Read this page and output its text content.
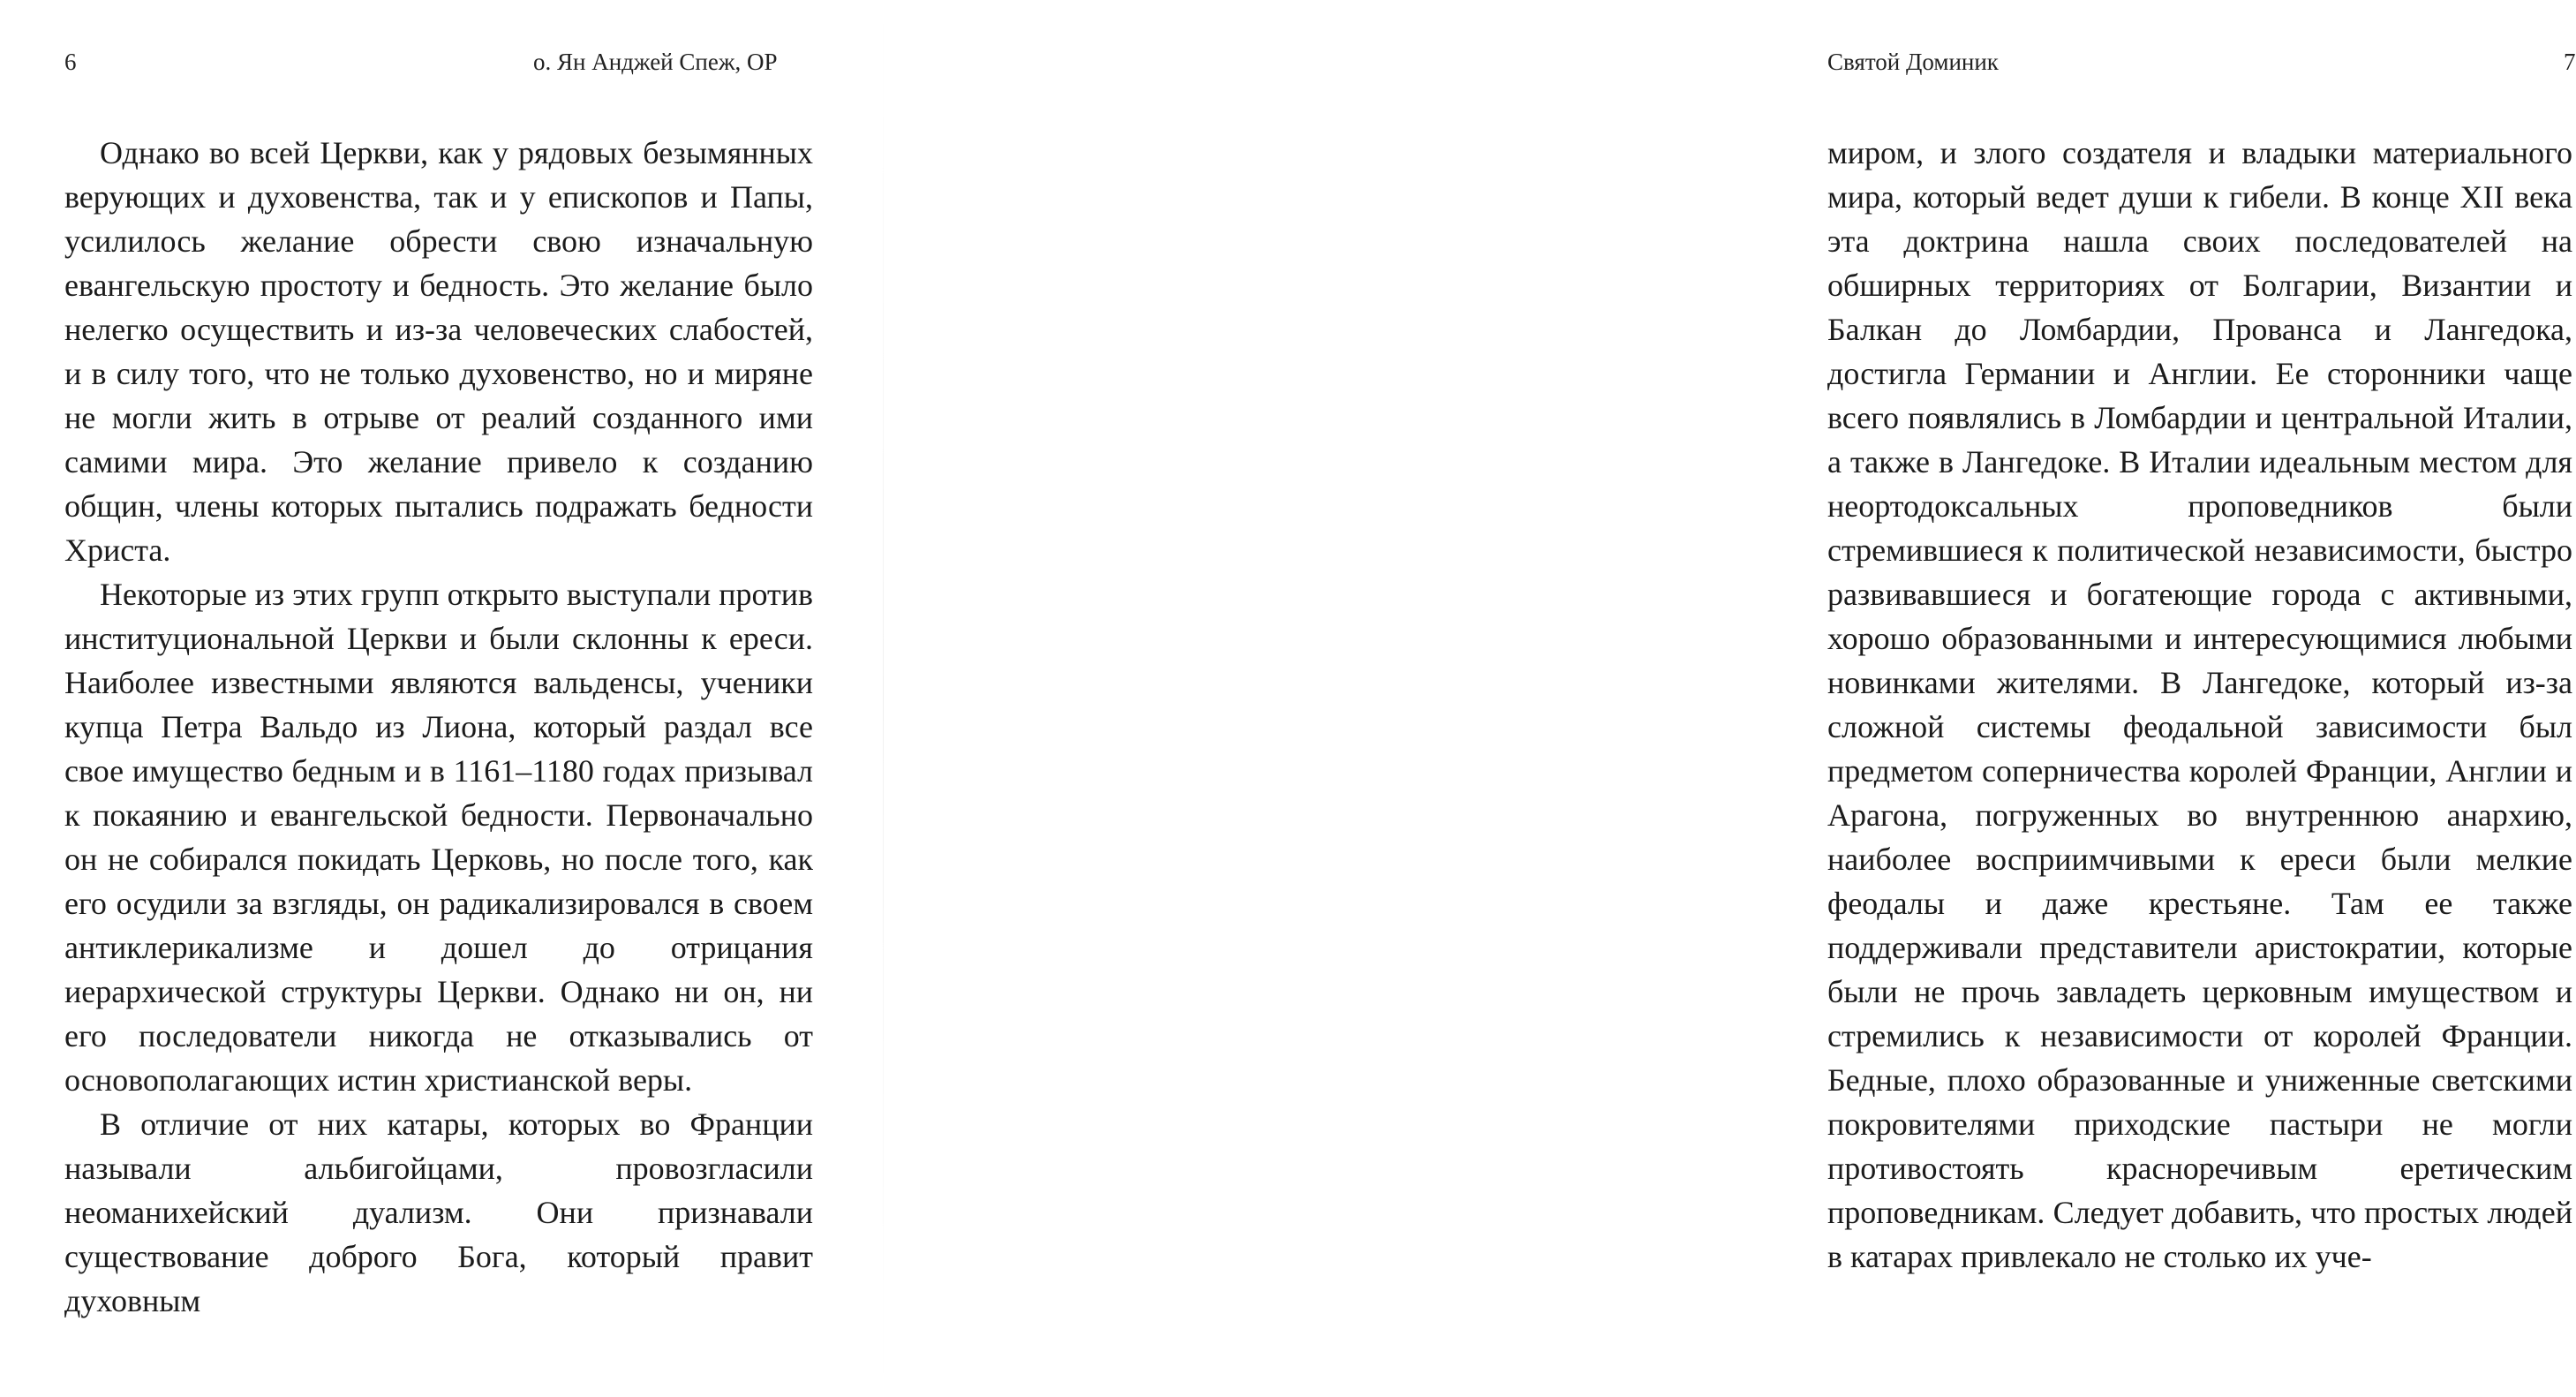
6	о. Ян Анджей Спеж, OP

Однако во всей Церкви, как у рядовых безымянных верующих и духовенства, так и у епископов и Папы, усилилось желание обрести свою изначальную евангельскую простоту и бедность. Это желание было нелегко осуществить и из-за человеческих слабостей, и в силу того, что не только духовенство, но и миряне не могли жить в отрыве от реалий созданного ими самими мира. Это желание привело к созданию общин, члены которых пытались подражать бедности Христа.

Некоторые из этих групп открыто выступали против институциональной Церкви и были склонны к ереси. Наиболее известными являются вальденсы, ученики купца Петра Вальдо из Лиона, который раздал все свое имущество бедным и в 1161–1180 годах призывал к покаянию и евангельской бедности. Первоначально он не собирался покидать Церковь, но после того, как его осудили за взгляды, он радикализировался в своем антиклерикализме и дошел до отрицания иерархической структуры Церкви. Однако ни он, ни его последователи никогда не отказывались от основополагающих истин христианской веры.

В отличие от них катары, которых во Франции называли альбигойцами, провозгласили неоманихейский дуализм. Они признавали существование доброго Бога, который правит духовным

Святой Доминик	7

миром, и злого создателя и владыки материального мира, который ведет души к гибели. В конце XII века эта доктрина нашла своих последователей на обширных территориях от Болгарии, Византии и Балкан до Ломбардии, Прованса и Лангедока, достигла Германии и Англии. Ее сторонники чаще всего появлялись в Ломбардии и центральной Италии, а также в Лангедоке. В Италии идеальным местом для неортодоксальных проповедников были стремившиеся к политической независимости, быстро развивавшиеся и богатеющие города с активными, хорошо образованными и интересующимися любыми новинками жителями. В Лангедоке, который из-за сложной системы феодальной зависимости был предметом соперничества королей Франции, Англии и Арагона, погруженных во внутреннюю анархию, наиболее восприимчивыми к ереси были мелкие феодалы и даже крестьяне. Там ее также поддерживали представители аристократии, которые были не прочь завладеть церковным имуществом и стремились к независимости от королей Франции. Бедные, плохо образованные и униженные светскими покровителями приходские пастыри не могли противостоять красноречивым еретическим проповедникам. Следует добавить, что простых людей в катарах привлекало не столько их уче-
